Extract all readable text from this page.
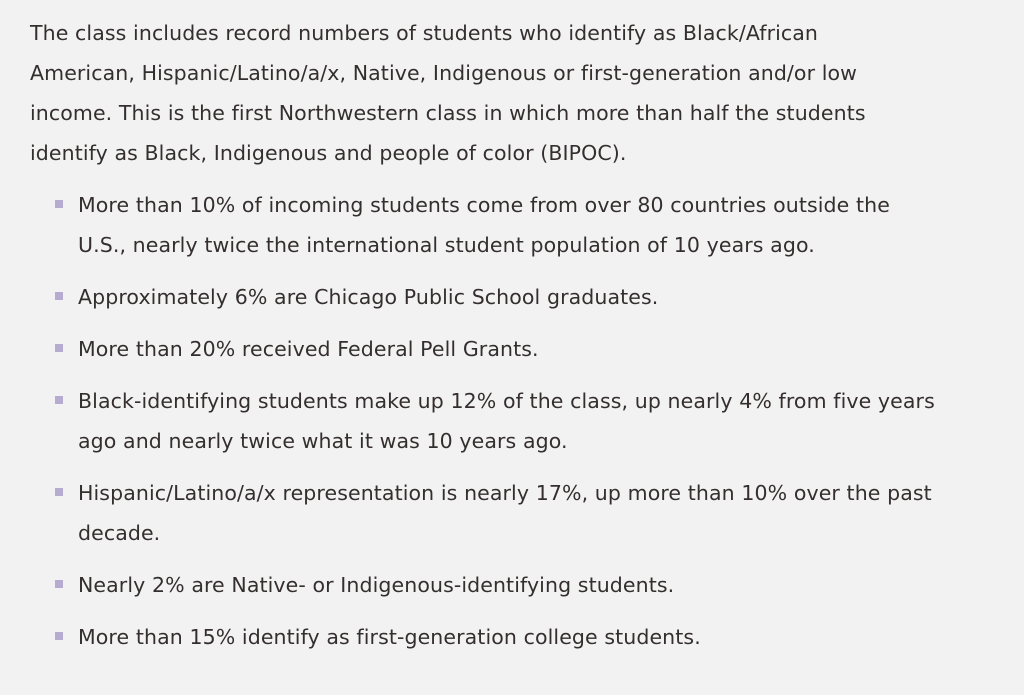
The class includes record numbers of students who identify as Black/African
American, Hispanic/Latino/a/x, Native, Indigenous or first-generation and/or low
income. This is the first Northwestern class in which more than half the students
identify as Black, Indigenous and people of color (BIPOC).

More than 10% of incoming students come from over 80 countries outside the
U.S., nearly twice the international student population of 10 years ago.
Approximately 6% are Chicago Public School graduates.
More than 20% received Federal Pell Grants.
Black-identifying students make up 12% of the class, up nearly 4% from five years
ago and nearly twice what it was 10 years ago.
Hispanic/Latino/a/x representation is nearly 17%, up more than 10% over the past
decade.
Nearly 2% are Native- or Indigenous-identifying students.
More than 15% identify as first-generation college students.
